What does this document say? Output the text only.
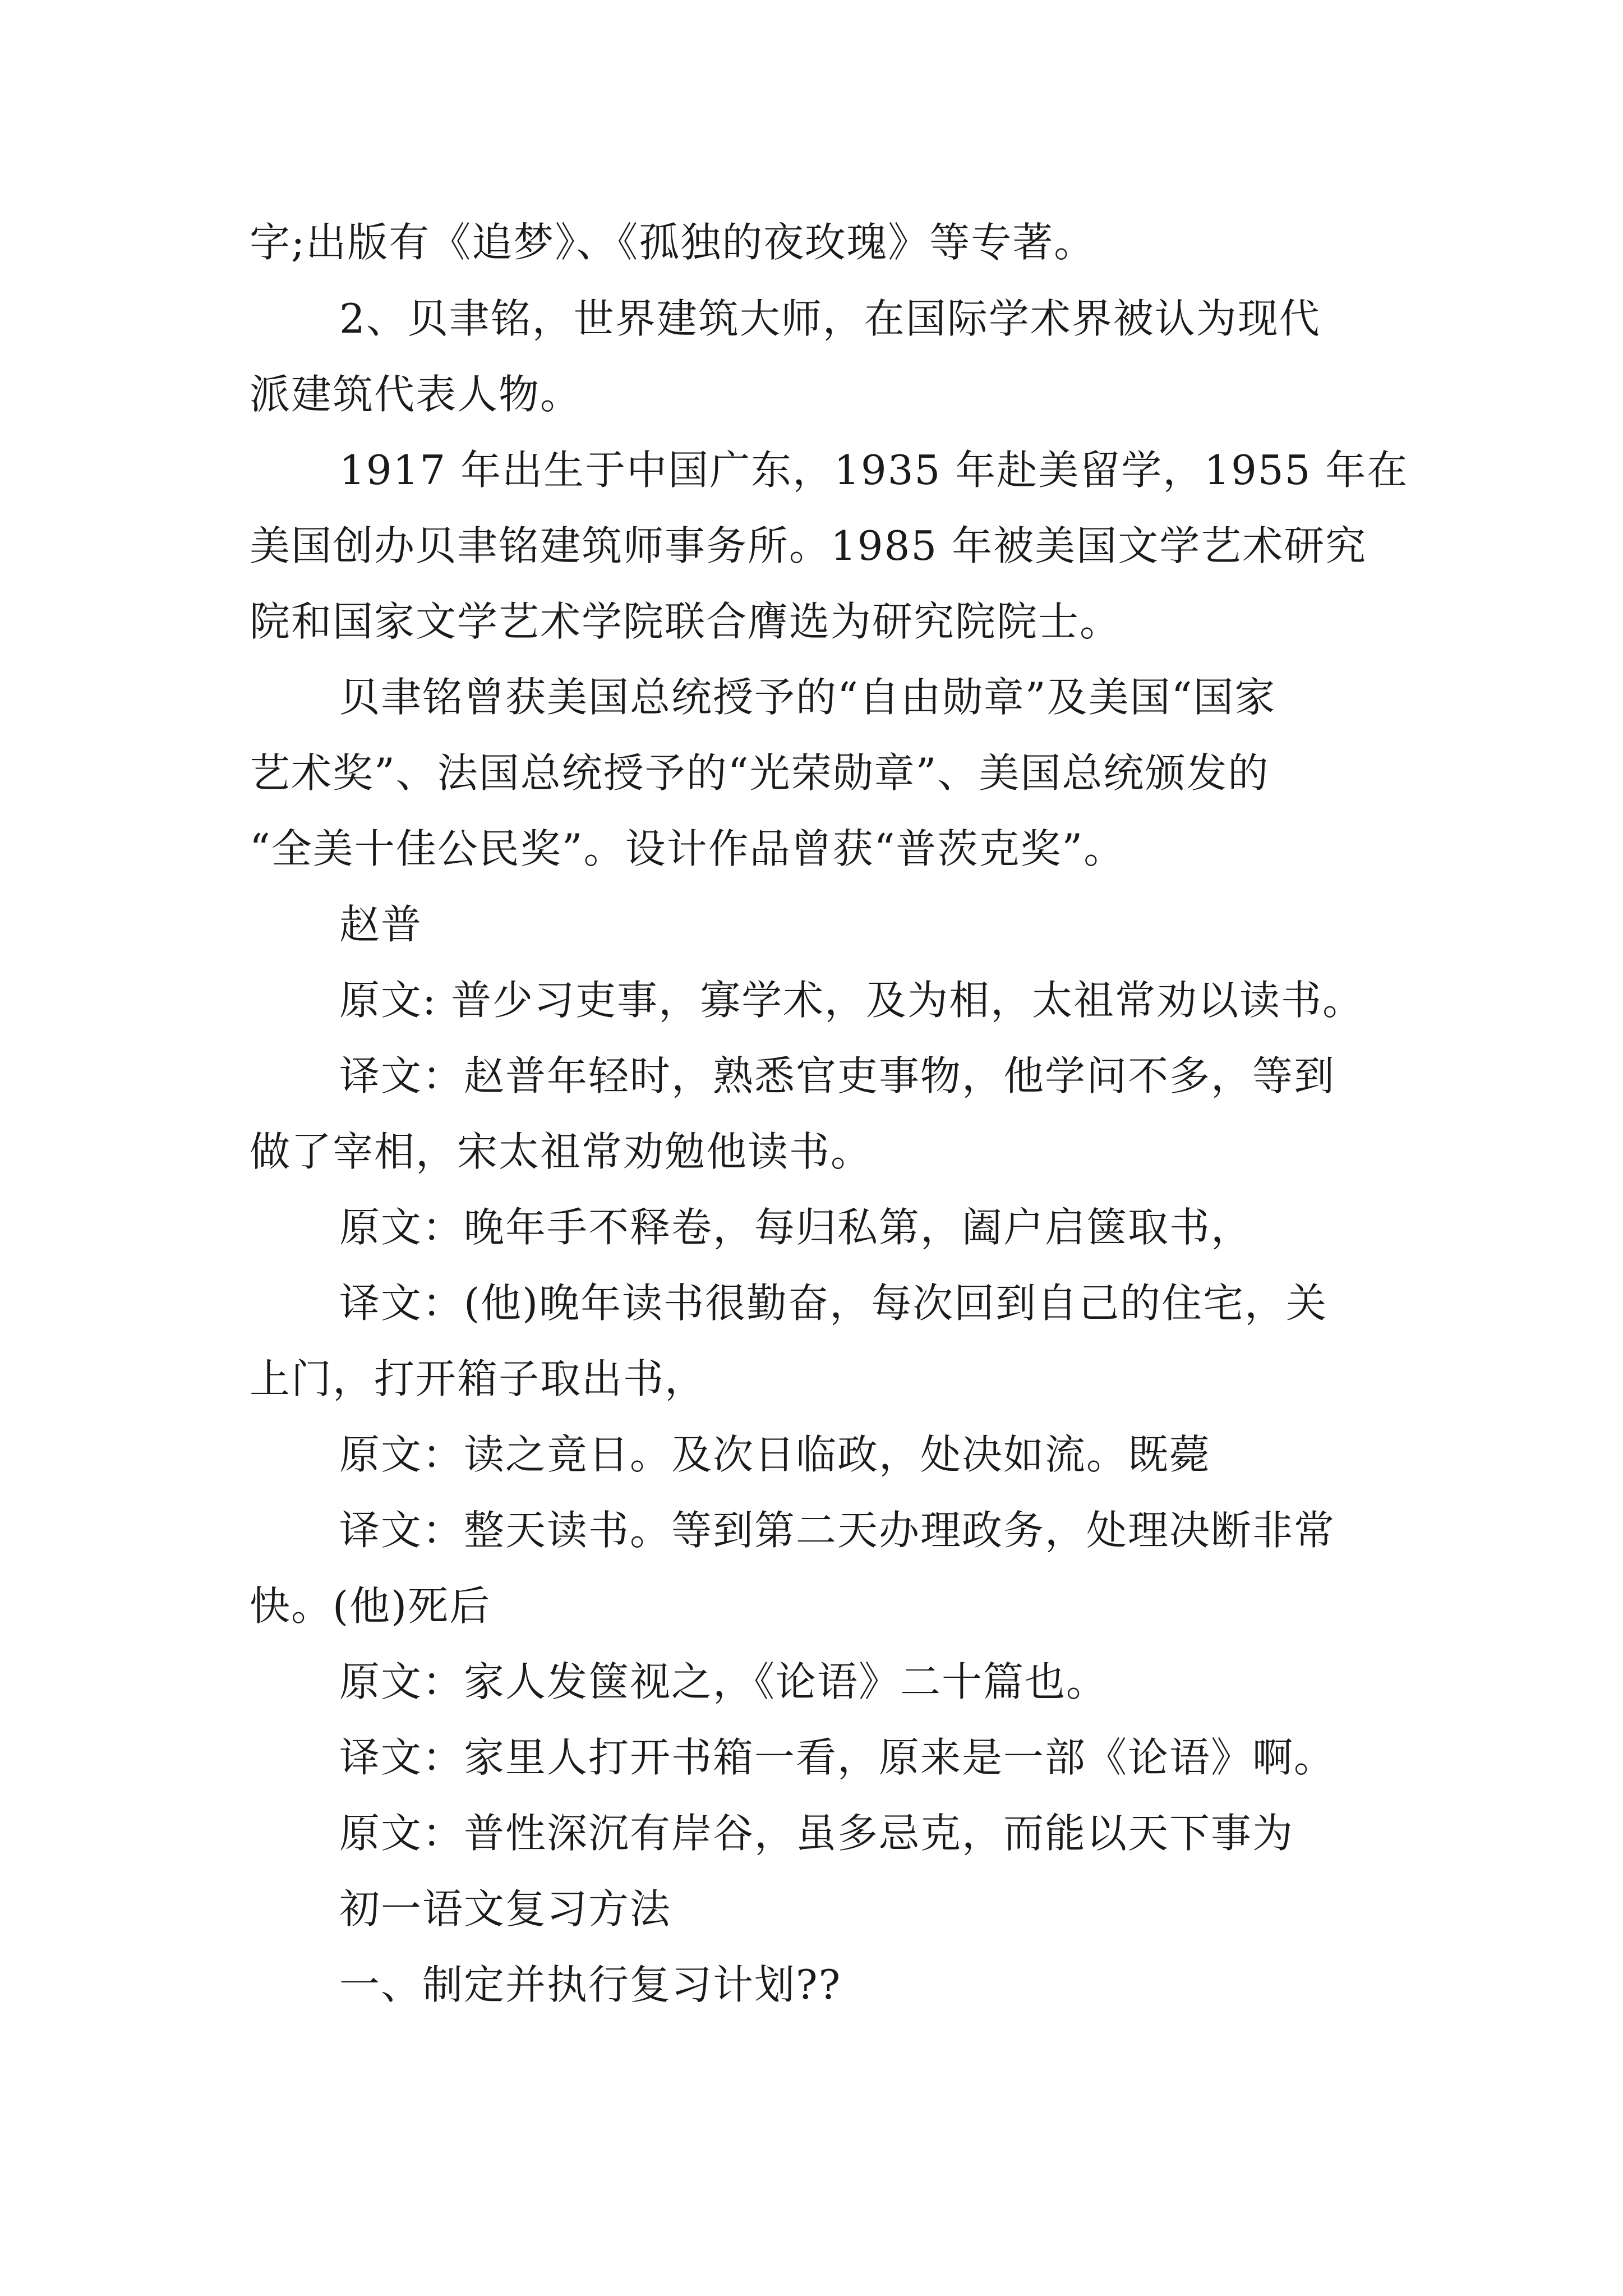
字;出版有《追梦》、《孤独的夜玫瑰》等专著。
2、贝聿铭，世界建筑大师，在国际学术界被认为现代
派建筑代表人物。
1917 年出生于中国广东，1935 年赴美留学，1955 年在
美国创办贝聿铭建筑师事务所。1985 年被美国文学艺术研究
院和国家文学艺术学院联合膺选为研究院院士。
贝聿铭曾获美国总统授予的“自由勋章”及美国“国家
艺术奖”、法国总统授予的“光荣勋章”、美国总统颁发的
“全美十佳公民奖”。设计作品曾获“普茨克奖”。
赵普
原文: 普少习吏事，寡学术，及为相，太祖常劝以读书。
译文：赵普年轻时，熟悉官吏事物，他学问不多，等到
做了宰相，宋太祖常劝勉他读书。
原文：晚年手不释卷，每归私第，阖户启箧取书，
译文：(他)晚年读书很勤奋，每次回到自己的住宅，关
上门，打开箱子取出书，
原文：读之竟日。及次日临政，处决如流。既薨
译文：整天读书。等到第二天办理政务，处理决断非常
快。(他)死后
原文：家人发箧视之，《论语》二十篇也。
译文：家里人打开书箱一看，原来是一部《论语》啊。
原文：普性深沉有岸谷，虽多忌克，而能以天下事为
初一语文复习方法
一、制定并执行复习计划??
